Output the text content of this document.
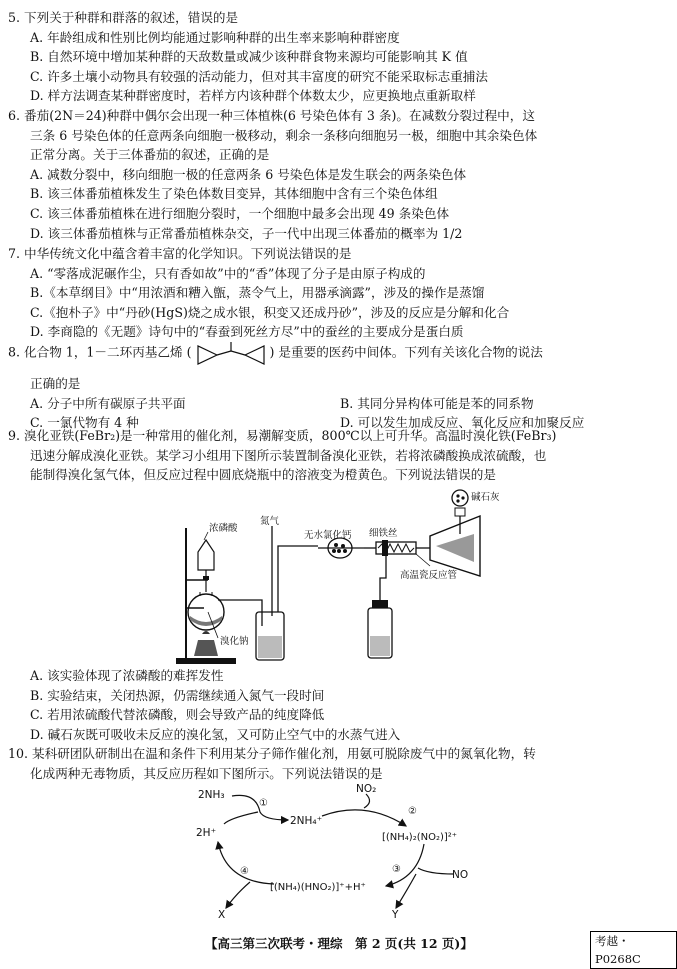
5. 下列关于种群和群落的叙述，错误的是
A. 年龄组成和性别比例均能通过影响种群的出生率来影响种群密度
B. 自然环境中增加某种群的天敌数量或减少该种群食物来源均可能影响其 K 值
C. 许多土壤小动物具有较强的活动能力，但对其丰富度的研究不能采取标志重捕法
D. 样方法调查某种群密度时，若样方内该种群个体数太少，应更换地点重新取样
6. 番茄(2N＝24)种群中偶尔会出现一种三体植株(6 号染色体有 3 条)。在减数分裂过程中，这
三条 6 号染色体的任意两条向细胞一极移动，剩余一条移向细胞另一极，细胞中其余染色体
正常分离。关于三体番茄的叙述，正确的是
A. 减数分裂中，移向细胞一极的任意两条 6 号染色体是发生联会的两条染色体
B. 该三体番茄植株发生了染色体数目变异，其体细胞中含有三个染色体组
C. 该三体番茄植株在进行细胞分裂时，一个细胞中最多会出现 49 条染色体
D. 该三体番茄植株与正常番茄植株杂交，子一代中出现三体番茄的概率为 1/2
7. 中华传统文化中蕴含着丰富的化学知识。下列说法错误的是
A. “零落成泥碾作尘，只有香如故”中的“香”体现了分子是由原子构成的
B.《本草纲目》中“用浓酒和糟入甑，蒸令气上，用器承滴露”，涉及的操作是蒸馏
C.《抱朴子》中“丹砂(HgS)烧之成水银，积变又还成丹砂”，涉及的反应是分解和化合
D. 李商隐的《无题》诗句中的“春蚕到死丝方尽”中的蚕丝的主要成分是蛋白质
8. 化合物 1，1－二环丙基乙烯 (	) 是重要的医药中间体。下列有关该化合物的说法
正确的是
A. 分子中所有碳原子共平面	B. 其同分异构体可能是苯的同系物
C. 一氯代物有 4 种	D. 可以发生加成反应、氧化反应和加聚反应
9. 溴化亚铁(FeBr₂)是一种常用的催化剂，易潮解变质，800℃以上可升华。高温时溴化铁(FeBr₃)
迅速分解成溴化亚铁。某学习小组用下图所示装置制备溴化亚铁，若将浓磷酸换成浓硫酸，也
能制得溴化氢气体，但反应过程中圆底烧瓶中的溶液变为橙黄色。下列说法错误的是
浓磷酸
氮气
无水氯化钙
溴化钠
细铁丝
高温瓷反应管
碱石灰
A. 该实验体现了浓磷酸的难挥发性
B. 实验结束，关闭热源，仍需继续通入氮气一段时间
C. 若用浓硫酸代替浓磷酸，则会导致产品的纯度降低
D. 碱石灰既可吸收未反应的溴化氢，又可防止空气中的水蒸气进入
10. 某科研团队研制出在温和条件下利用某分子筛作催化剂，用氨可脱除废气中的氮氧化物，转
化成两种无毒物质，其反应历程如下图所示。下列说法错误的是
①
②
③
④
2NH₃
2NH₄⁺
NO₂
[(NH₄)₂(NO₂)]²⁺
2H⁺
NO
[(NH₄)(HNO₂)]⁺+H⁺
X	Y
【高三第三次联考・理综　第 2 页(共 12 页)】	考越・P0268C
